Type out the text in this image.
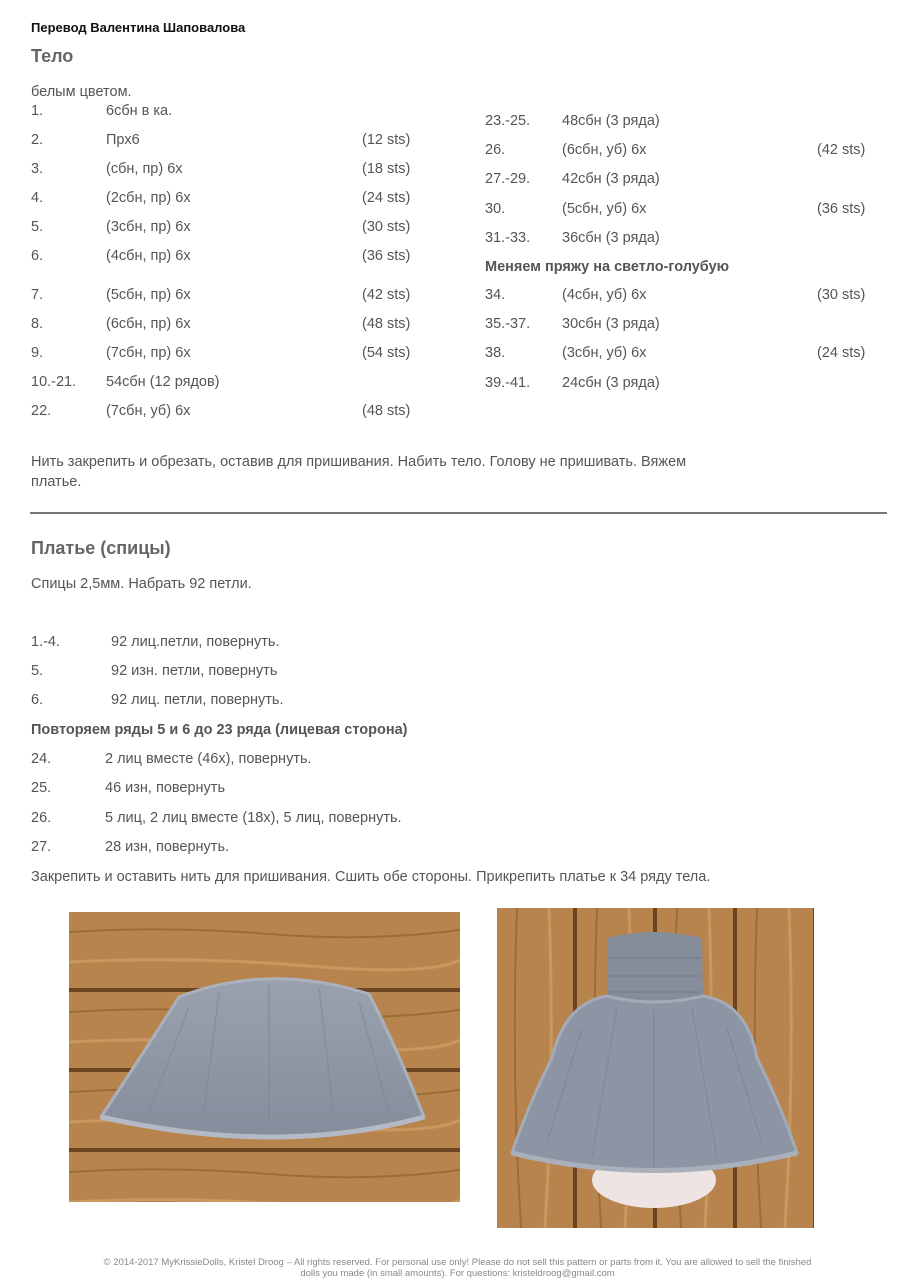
Перевод Валентина Шаповалова
Тело
белым цветом.
1.	6сбн в ка.
2.	Прх6	(12 sts)
3.	(сбн, пр) 6х	(18 sts)
4.	(2сбн, пр) 6х	(24 sts)
5.	(3сбн, пр) 6х	(30 sts)
6.	(4сбн, пр) 6х	(36 sts)
7.	(5сбн, пр) 6х	(42 sts)
8.	(6сбн, пр) 6х	(48 sts)
9.	(7сбн, пр) 6х	(54 sts)
10.-21. 54сбн (12 рядов)
22.	(7сбн, уб) 6х	(48 sts)
23.-25. 48сбн (3 ряда)
26.	(6сбн, уб) 6х	(42 sts)
27.-29. 42сбн (3 ряда)
30.	(5сбн, уб) 6х	(36 sts)
31.-33. 36сбн (3 ряда)
Меняем пряжу на светло-голубую
34.	(4сбн, уб) 6х	(30 sts)
35.-37. 30сбн (3 ряда)
38.	(3сбн, уб) 6х	(24 sts)
39.-41. 24сбн (3 ряда)
Нить закрепить и обрезать, оставив для пришивания. Набить тело. Голову не пришивать. Вяжем
платье.
Платье (спицы)
Спицы 2,5мм. Набрать 92 петли.
1.-4.	92 лиц.петли, повернуть.
5.	92 изн. петли, повернуть
6.	92 лиц. петли, повернуть.
Повторяем ряды 5 и 6 до 23 ряда (лицевая сторона)
24.	2 лиц вместе (46х), повернуть.
25.	46 изн, повернуть
26.	5 лиц, 2 лиц вместе (18х), 5 лиц, повернуть.
27.	28 изн, повернуть.
Закрепить и оставить нить для пришивания. Сшить обе стороны. Прикрепить платье к 34 ряду тела.
© 2014-2017 MyKrissieDolls, Kristel Droog – All rights reserved. For personal use only! Please do not sell this pattern or parts from it. You are allowed to sell the finished
dolls you made (in small amounts). For questions: kristeldroog@gmail.com
